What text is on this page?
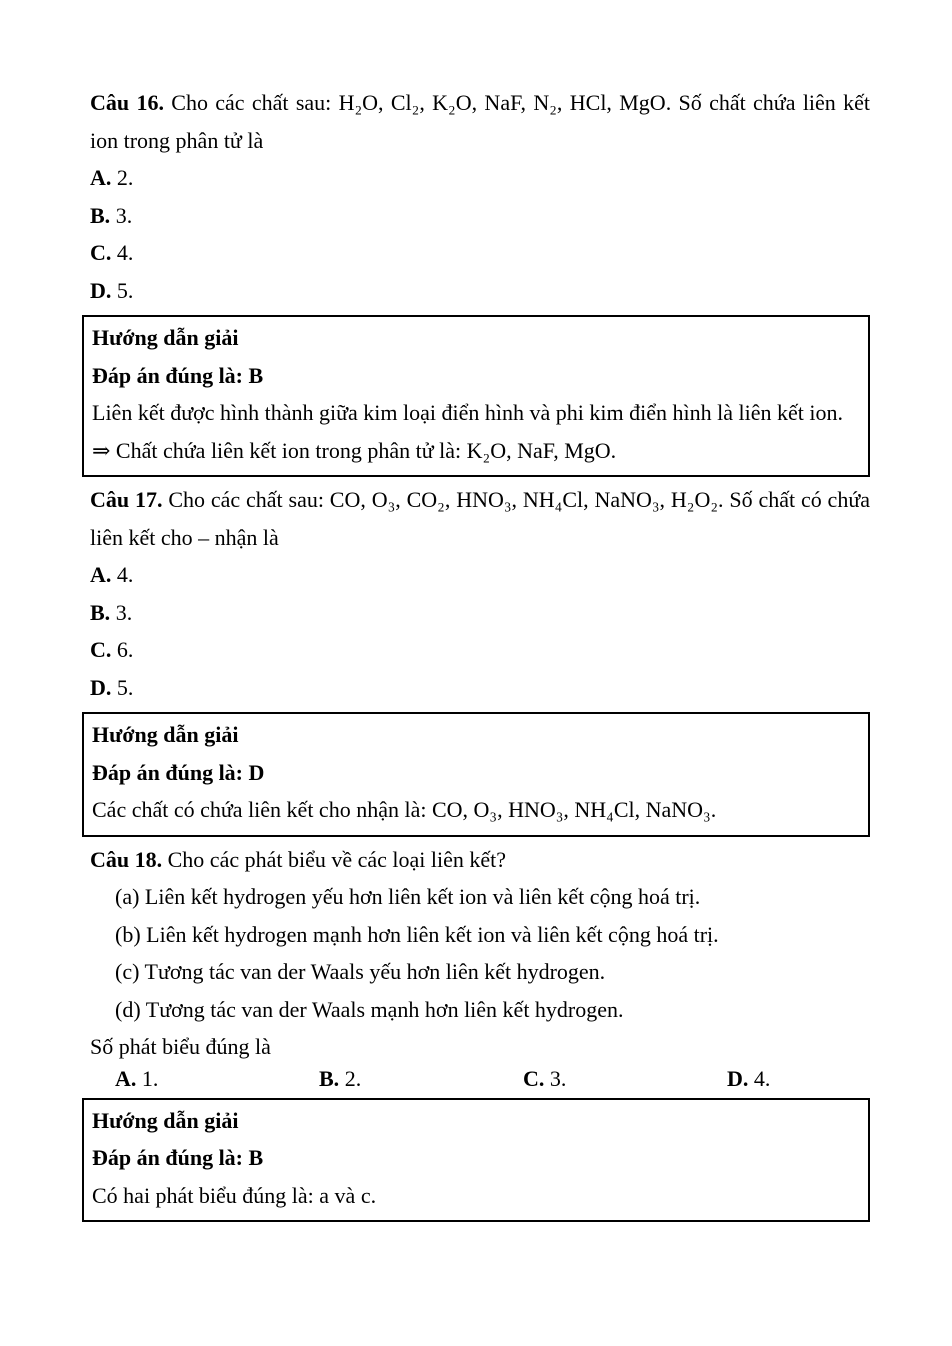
Câu 16. Cho các chất sau: H₂O, Cl₂, K₂O, NaF, N₂, HCl, MgO. Số chất chứa liên kết ion trong phân tử là

A. 2.

B. 3.

C. 4.

D. 5.

Hướng dẫn giải

Đáp án đúng là: B

Liên kết được hình thành giữa kim loại điển hình và phi kim điển hình là liên kết ion.

⇒ Chất chứa liên kết ion trong phân tử là: K₂O, NaF, MgO.

Câu 17. Cho các chất sau: CO, O₃, CO₂, HNO₃, NH₄Cl, NaNO₃, H₂O₂. Số chất có chứa liên kết cho – nhận là

A. 4.

B. 3.

C. 6.

D. 5.

Hướng dẫn giải

Đáp án đúng là: D

Các chất có chứa liên kết cho nhận là: CO, O₃, HNO₃, NH₄Cl, NaNO₃.

Câu 18. Cho các phát biểu về các loại liên kết?

(a) Liên kết hydrogen yếu hơn liên kết ion và liên kết cộng hoá trị.

(b) Liên kết hydrogen mạnh hơn liên kết ion và liên kết cộng hoá trị.

(c) Tương tác van der Waals yếu hơn liên kết hydrogen.

(d) Tương tác van der Waals mạnh hơn liên kết hydrogen.

Số phát biểu đúng là

A. 1.	B. 2.	C. 3.	D. 4.

Hướng dẫn giải

Đáp án đúng là: B

Có hai phát biểu đúng là: a và c.
